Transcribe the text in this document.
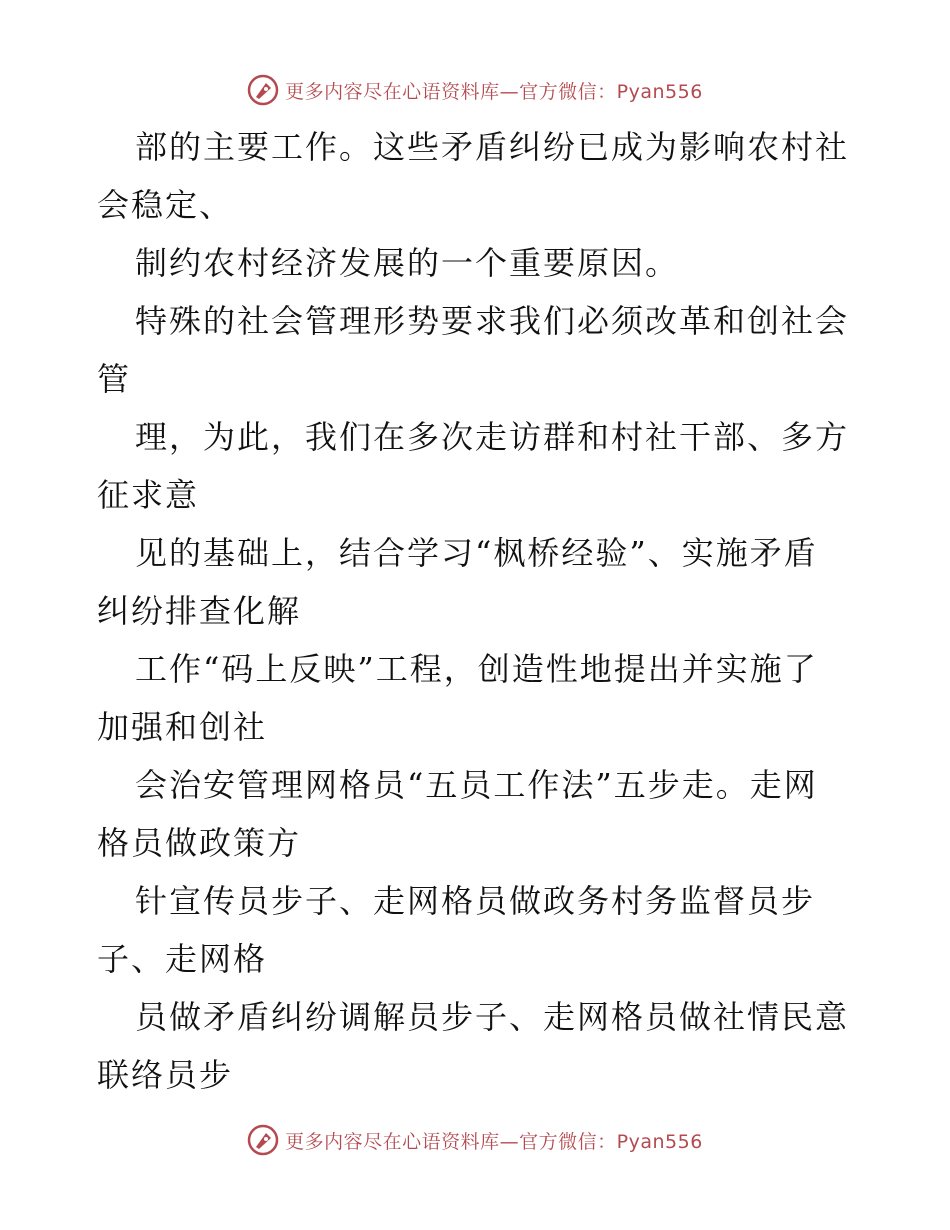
更多内容尽在心语资料库—官方微信：Pyan556
部的主要工作。这些矛盾纠纷已成为影响农村社
会稳定、
制约农村经济发展的一个重要原因。
特殊的社会管理形势要求我们必须改革和创社会
管
理，为此，我们在多次走访群和村社干部、多方
征求意
见的基础上，结合学习“枫桥经验”、实施矛盾
纠纷排查化解
工作“码上反映”工程，创造性地提出并实施了
加强和创社
会治安管理网格员“五员工作法”五步走。走网
格员做政策方
针宣传员步子、走网格员做政务村务监督员步
子、走网格
员做矛盾纠纷调解员步子、走网格员做社情民意
联络员步
更多内容尽在心语资料库—官方微信：Pyan556
